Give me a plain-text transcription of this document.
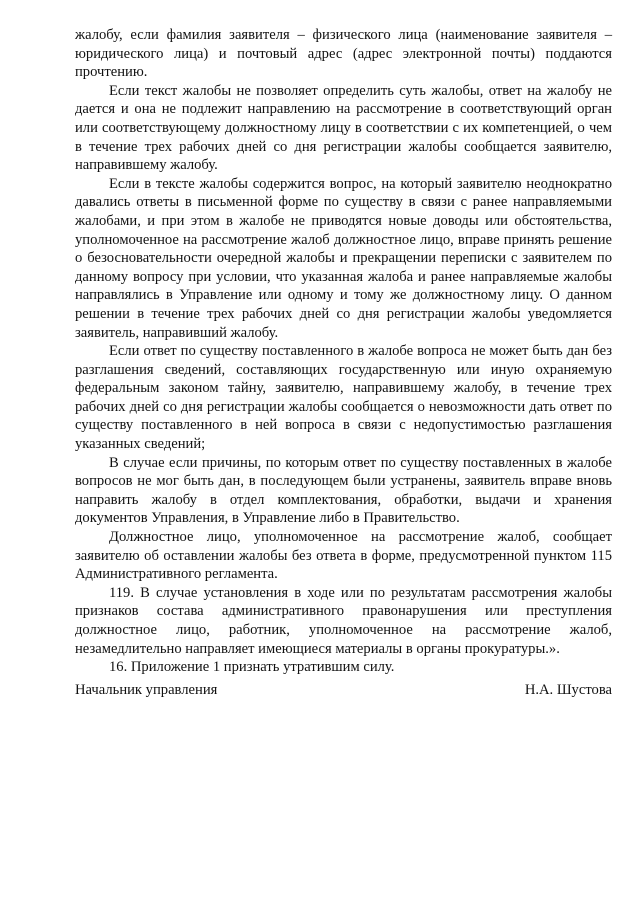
жалобу, если фамилия заявителя – физического лица (наименование заявителя – юридического лица) и почтовый адрес (адрес электронной почты) поддаются прочтению.

Если текст жалобы не позволяет определить суть жалобы, ответ на жалобу не дается и она не подлежит направлению на рассмотрение в соответствующий орган или соответствующему должностному лицу в соответствии с их компетенцией, о чем в течение трех рабочих дней со дня регистрации жалобы сообщается заявителю, направившему жалобу.

Если в тексте жалобы содержится вопрос, на который заявителю неоднократно давались ответы в письменной форме по существу в связи с ранее направляемыми жалобами, и при этом в жалобе не приводятся новые доводы или обстоятельства, уполномоченное на рассмотрение жалоб должностное лицо, вправе принять решение о безосновательности очередной жалобы и прекращении переписки с заявителем по данному вопросу при условии, что указанная жалоба и ранее направляемые жалобы направлялись в Управление или одному и тому же должностному лицу. О данном решении в течение трех рабочих дней со дня регистрации жалобы уведомляется заявитель, направивший жалобу.

Если ответ по существу поставленного в жалобе вопроса не может быть дан без разглашения сведений, составляющих государственную или иную охраняемую федеральным законом тайну, заявителю, направившему жалобу, в течение трех рабочих дней со дня регистрации жалобы сообщается о невозможности дать ответ по существу поставленного в ней вопроса в связи с недопустимостью разглашения указанных сведений;

В случае если причины, по которым ответ по существу поставленных в жалобе вопросов не мог быть дан, в последующем были устранены, заявитель вправе вновь направить жалобу в отдел комплектования, обработки, выдачи и хранения документов Управления, в Управление либо в Правительство.

Должностное лицо, уполномоченное на рассмотрение жалоб, сообщает заявителю об оставлении жалобы без ответа в форме, предусмотренной пунктом 115 Административного регламента.

119. В случае установления в ходе или по результатам рассмотрения жалобы признаков состава административного правонарушения или преступления должностное лицо, работник, уполномоченное на рассмотрение жалоб, незамедлительно направляет имеющиеся материалы в органы прокуратуры.».

16. Приложение 1 признать утратившим силу.

Начальник управления	Н.А. Шустова
